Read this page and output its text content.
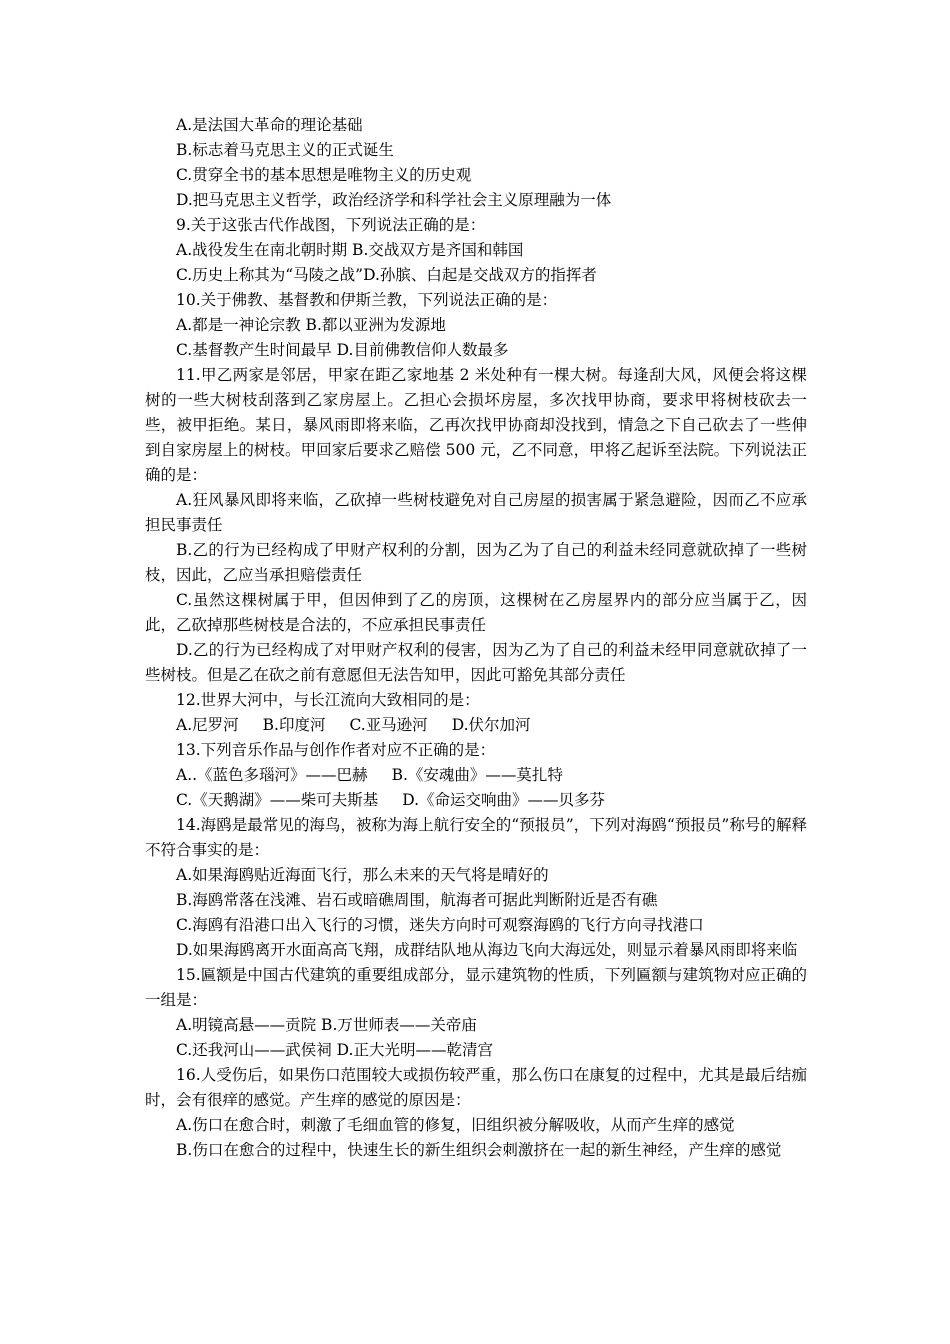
A.是法国大革命的理论基础
B.标志着马克思主义的正式诞生
C.贯穿全书的基本思想是唯物主义的历史观
D.把马克思主义哲学，政治经济学和科学社会主义原理融为一体
9.关于这张古代作战图，下列说法正确的是：
A.战役发生在南北朝时期 B.交战双方是齐国和韩国
C.历史上称其为“马陵之战”D.孙膑、白起是交战双方的指挥者
10.关于佛教、基督教和伊斯兰教，下列说法正确的是：
A.都是一神论宗教 B.都以亚洲为发源地
C.基督教产生时间最早 D.目前佛教信仰人数最多
11.甲乙两家是邻居，甲家在距乙家地基 2 米处种有一棵大树。每逢刮大风，风便会将这棵树的一些大树枝刮落到乙家房屋上。乙担心会损坏房屋，多次找甲协商，要求甲将树枝砍去一些，被甲拒绝。某日，暴风雨即将来临，乙再次找甲协商却没找到，情急之下自己砍去了一些伸到自家房屋上的树枝。甲回家后要求乙赔偿 500 元，乙不同意，甲将乙起诉至法院。下列说法正确的是：
A.狂风暴风即将来临，乙砍掉一些树枝避免对自己房屋的损害属于紧急避险，因而乙不应承担民事责任
B.乙的行为已经构成了甲财产权利的分割，因为乙为了自己的利益未经同意就砍掉了一些树枝，因此，乙应当承担赔偿责任
C.虽然这棵树属于甲，但因伸到了乙的房顶，这棵树在乙房屋界内的部分应当属于乙，因此，乙砍掉那些树枝是合法的，不应承担民事责任
D.乙的行为已经构成了对甲财产权利的侵害，因为乙为了自己的利益未经甲同意就砍掉了一些树枝。但是乙在砍之前有意愿但无法告知甲，因此可豁免其部分责任
12.世界大河中，与长江流向大致相同的是：
A.尼罗河 B.印度河 C.亚马逊河 D.伏尔加河
13.下列音乐作品与创作作者对应不正确的是：
A..《蓝色多瑙河》——巴赫 B.《安魂曲》——莫扎特
C.《天鹅湖》——柴可夫斯基 D.《命运交响曲》——贝多芬
14.海鸥是最常见的海鸟，被称为海上航行安全的“预报员”，下列对海鸥“预报员”称号的解释不符合事实的是：
A.如果海鸥贴近海面飞行，那么未来的天气将是晴好的
B.海鸥常落在浅滩、岩石或暗礁周围，航海者可据此判断附近是否有礁
C.海鸥有沿港口出入飞行的习惯，迷失方向时可观察海鸥的飞行方向寻找港口
D.如果海鸥离开水面高高飞翔，成群结队地从海边飞向大海远处，则显示着暴风雨即将来临
15.匾额是中国古代建筑的重要组成部分，显示建筑物的性质，下列匾额与建筑物对应正确的一组是：
A.明镜高悬——贡院 B.万世师表——关帝庙
C.还我河山——武侯祠 D.正大光明——乾清宫
16.人受伤后，如果伤口范围较大或损伤较严重，那么伤口在康复的过程中，尤其是最后结痂时，会有很痒的感觉。产生痒的感觉的原因是：
A.伤口在愈合时，刺激了毛细血管的修复，旧组织被分解吸收，从而产生痒的感觉
B.伤口在愈合的过程中，快速生长的新生组织会刺激挤在一起的新生神经，产生痒的感觉
